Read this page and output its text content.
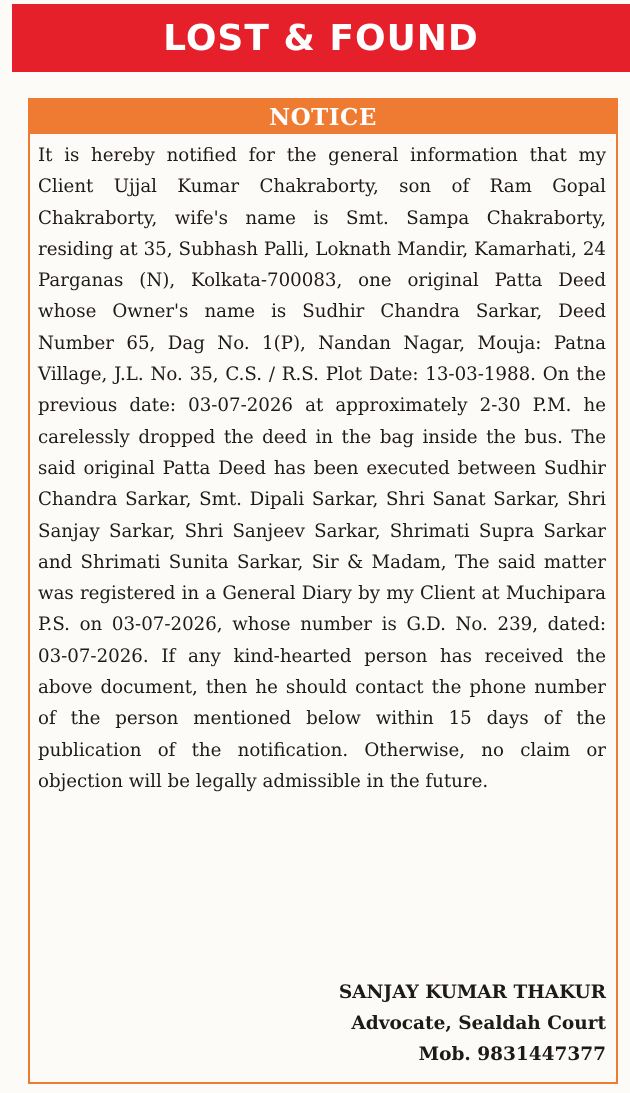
LOST & FOUND
NOTICE
It is hereby notified for the general information that my Client Ujjal Kumar Chakraborty, son of Ram Gopal Chakraborty, wife's name is Smt. Sampa Chakraborty, residing at 35, Subhash Palli, Loknath Mandir, Kamarhati, 24 Parganas (N), Kolkata-700083, one original Patta Deed whose Owner's name is Sudhir Chandra Sarkar, Deed Number 65, Dag No. 1(P), Nandan Nagar, Mouja: Patna Village, J.L. No. 35, C.S. / R.S. Plot Date: 13-03-1988. On the previous date: 03-07-2026 at approximately 2-30 P.M. he carelessly dropped the deed in the bag inside the bus. The said original Patta Deed has been executed between Sudhir Chandra Sarkar, Smt. Dipali Sarkar, Shri Sanat Sarkar, Shri Sanjay Sarkar, Shri Sanjeev Sarkar, Shrimati Supra Sarkar and Shrimati Sunita Sarkar, Sir & Madam, The said matter was registered in a General Diary by my Client at Muchipara P.S. on 03-07-2026, whose number is G.D. No. 239, dated: 03-07-2026. If any kind-hearted person has received the above document, then he should contact the phone number of the person mentioned below within 15 days of the publication of the notification. Otherwise, no claim or objection will be legally admissible in the future.
SANJAY KUMAR THAKUR
Advocate, Sealdah Court
Mob. 9831447377
